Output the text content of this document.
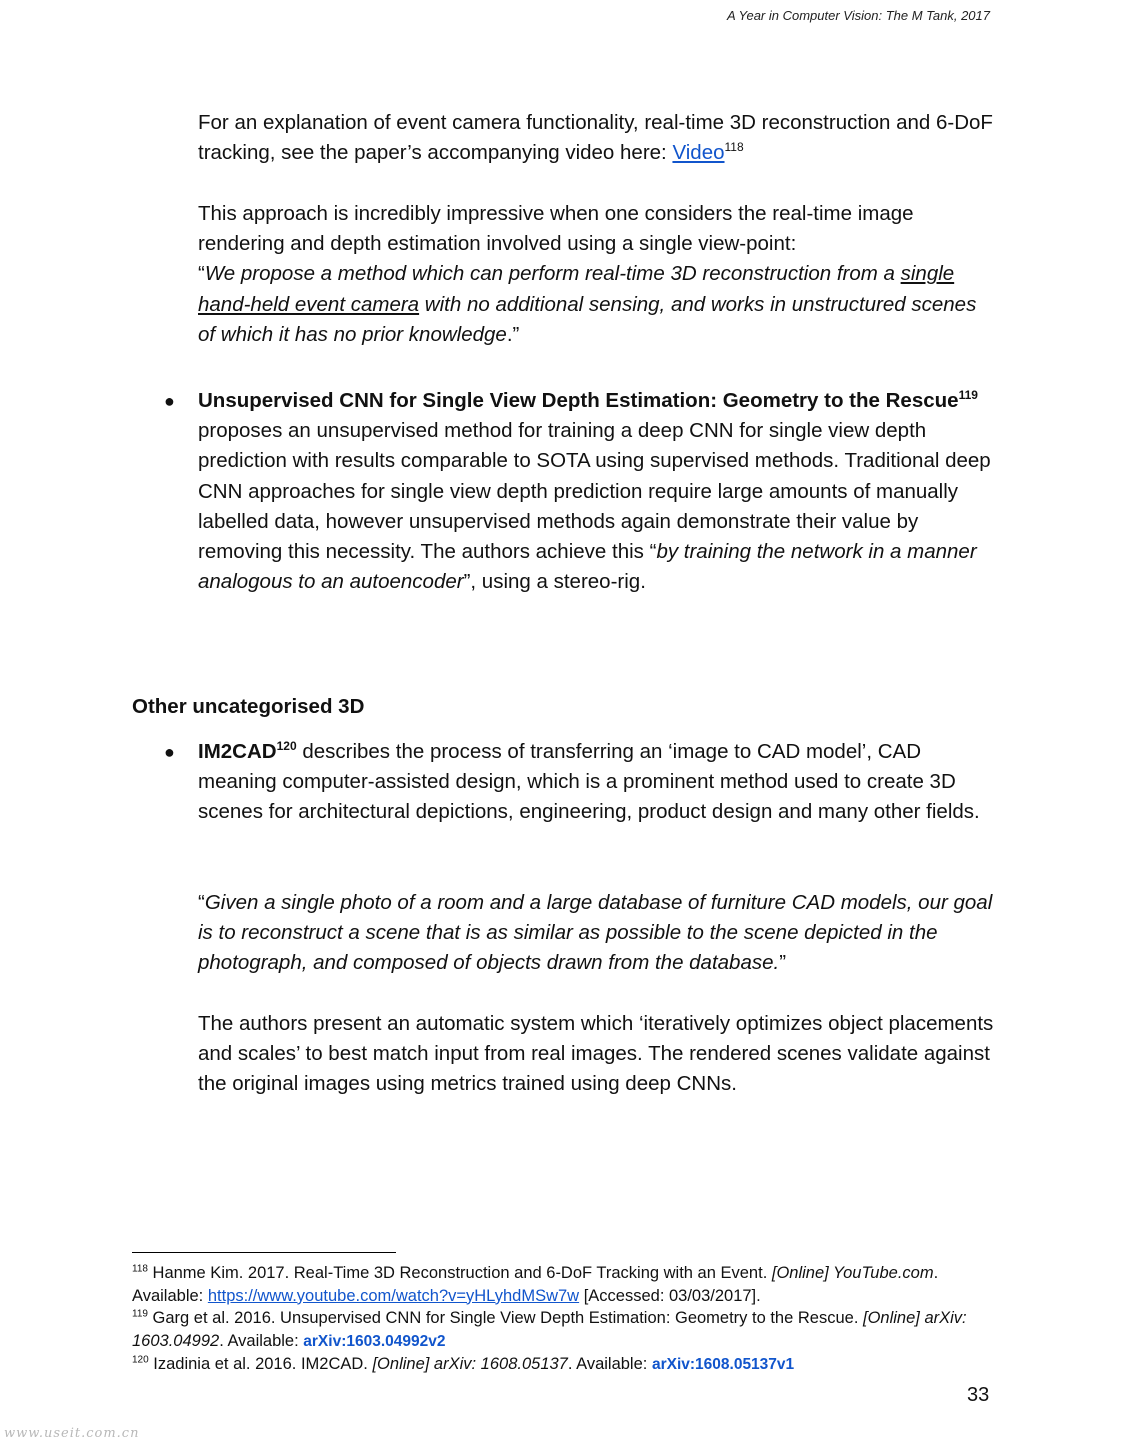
A Year in Computer Vision: The M Tank, 2017

For an explanation of event camera functionality, real-time 3D reconstruction and 6-DoF tracking, see the paper’s accompanying video here: Video$^{118}$

This approach is incredibly impressive when one considers the real-time image rendering and depth estimation involved using a single view-point:

“We propose a method which can perform real-time 3D reconstruction from a single hand-held event camera with no additional sensing, and works in unstructured scenes of which it has no prior knowledge.”

● Unsupervised CNN for Single View Depth Estimation: Geometry to the Rescue$^{119}$ proposes an unsupervised method for training a deep CNN for single view depth prediction with results comparable to SOTA using supervised methods. Traditional deep CNN approaches for single view depth prediction require large amounts of manually labelled data, however unsupervised methods again demonstrate their value by removing this necessity. The authors achieve this “by training the network in a manner analogous to an autoencoder”, using a stereo-rig.

Other uncategorised 3D
● IM2CAD$^{120}$ describes the process of transferring an ‘image to CAD model’, CAD meaning computer-assisted design, which is a prominent method used to create 3D scenes for architectural depictions, engineering, product design and many other fields.

“Given a single photo of a room and a large database of furniture CAD models, our goal is to reconstruct a scene that is as similar as possible to the scene depicted in the photograph, and composed of objects drawn from the database.”

The authors present an automatic system which ‘iteratively optimizes object placements and scales’ to best match input from real images. The rendered scenes validate against the original images using metrics trained using deep CNNs.

$^{118}$ Hanme Kim. 2017. Real-Time 3D Reconstruction and 6-DoF Tracking with an Event. [Online] YouTube.com. Available: https://www.youtube.com/watch?v=yHLyhdMSw7w [Accessed: 03/03/2017].

$^{119}$ Garg et al. 2016. Unsupervised CNN for Single View Depth Estimation: Geometry to the Rescue. [Online] arXiv: 1603.04992. Available: arXiv:1603.04992v2

$^{120}$ Izadinia et al. 2016. IM2CAD. [Online] arXiv: 1608.05137. Available: arXiv:1608.05137v1

33
www.useit.com.cn
